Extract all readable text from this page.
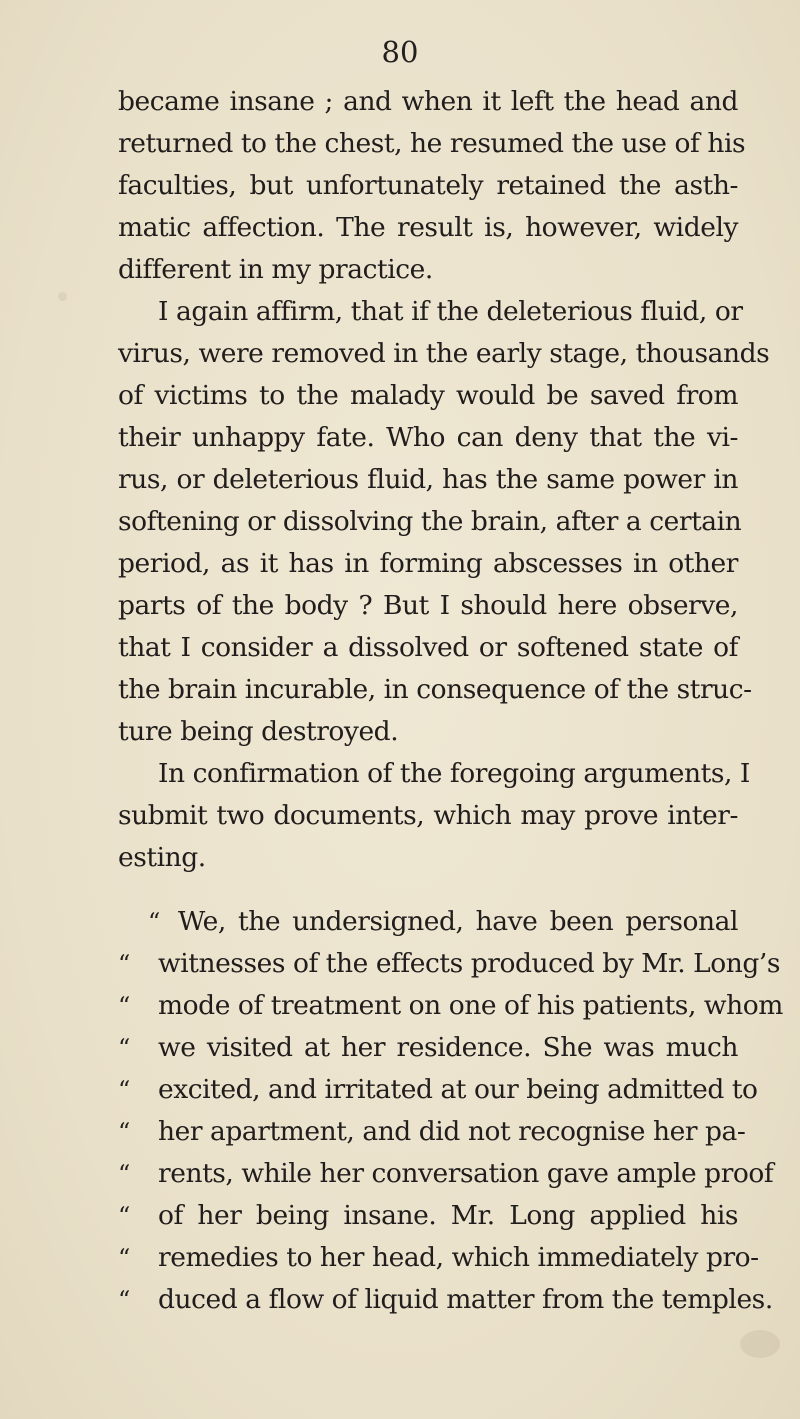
80
became insane ; and when it left the head and
returned to the chest, he resumed the use of his
faculties, but unfortunately retained the asth-
matic affection. The result is, however, widely
different in my practice.
I again affirm, that if the deleterious fluid, or
virus, were removed in the early stage, thousands
of victims to the malady would be saved from
their unhappy fate. Who can deny that the vi-
rus, or deleterious fluid, has the same power in
softening or dissolving the brain, after a certain
period, as it has in forming abscesses in other
parts of the body ? But I should here observe,
that I consider a dissolved or softened state of
the brain incurable, in consequence of the struc-
ture being destroyed.
In confirmation of the foregoing arguments, I
submit two documents, which may prove inter-
esting.
“ We, the undersigned, have been personal
“	witnesses of the effects produced by Mr. Long’s
“	mode of treatment on one of his patients, whom
“	we visited at her residence. She was much
“	excited, and irritated at our being admitted to
“	her apartment, and did not recognise her pa-
“	rents, while her conversation gave ample proof
“	of her being insane. Mr. Long applied his
“	remedies to her head, which immediately pro-
“	duced a flow of liquid matter from the temples.
